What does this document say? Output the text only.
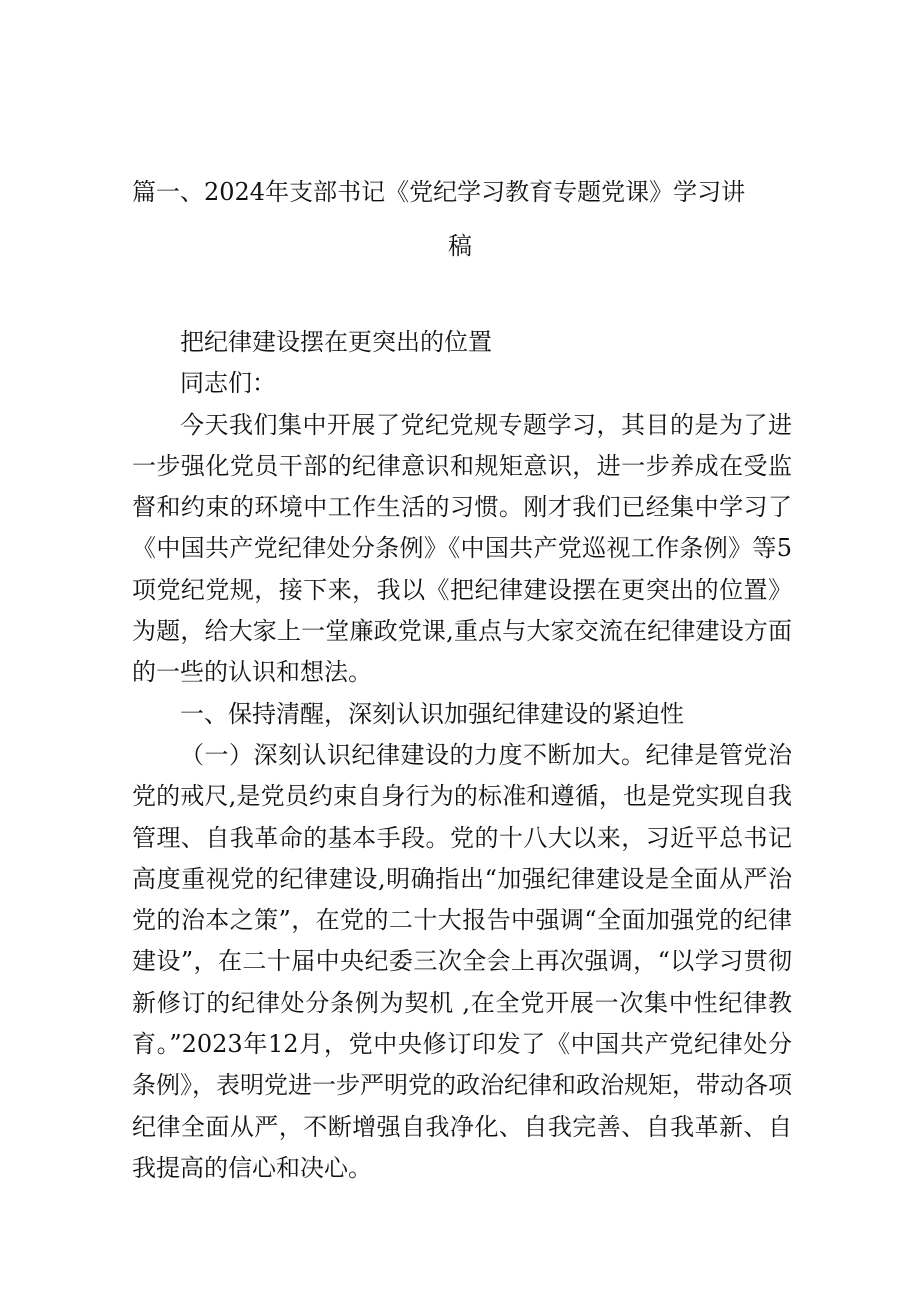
篇一、2024年支部书记《党纪学习教育专题党课》学习讲
稿

把纪律建设摆在更突出的位置

同志们：

今天我们集中开展了党纪党规专题学习，其目的是为了进一步强化党员干部的纪律意识和规矩意识，进一步养成在受监督和约束的环境中工作生活的习惯。刚才我们已经集中学习了《中国共产党纪律处分条例》《中国共产党巡视工作条例》等5项党纪党规，接下来，我以《把纪律建设摆在更突出的位置》为题，给大家上一堂廉政党课,重点与大家交流在纪律建设方面的一些的认识和想法。

一、保持清醒，深刻认识加强纪律建设的紧迫性

（一）深刻认识纪律建设的力度不断加大。纪律是管党治党的戒尺,是党员约束自身行为的标准和遵循，也是党实现自我管理、自我革命的基本手段。党的十八大以来，习近平总书记高度重视党的纪律建设,明确指出“加强纪律建设是全面从严治党的治本之策”，在党的二十大报告中强调“全面加强党的纪律建设”，在二十届中央纪委三次全会上再次强调，“以学习贯彻新修订的纪律处分条例为契机 ,在全党开展一次集中性纪律教育。”2023年12月，党中央修订印发了《中国共产党纪律处分条例》，表明党进一步严明党的政治纪律和政治规矩，带动各项纪律全面从严，不断增强自我净化、自我完善、自我革新、自我提高的信心和决心。
